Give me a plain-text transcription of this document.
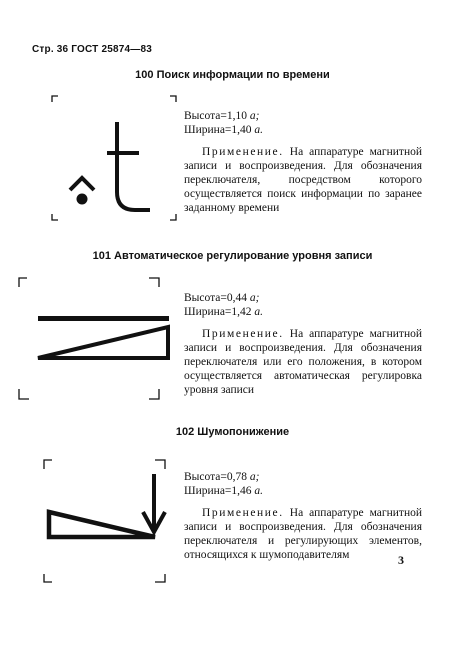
Стр. 36 ГОСТ 25874—83
100 Поиск информации по времени

Высота=1,10 а;

Ширина=1,40 а.

Применение. На аппаратуре магнитной записи и воспроизведения. Для обозначения переключателя, посредством которого осуществляется поиск информации по заранее заданному времени

101 Автоматическое регулирование уровня записи

Высота=0,44 а;

Ширина=1,42 а.

Применение. На аппаратуре магнитной записи и воспроизведения. Для обозначения переключателя или его положения, в котором осуществляется автоматическая регулировка уровня записи

102 Шумопонижение

Высота=0,78 а;

Ширина=1,46 а.

Применение. На аппаратуре магнитной записи и воспроизведения. Для обозначения переключателя и регулирующих элементов, относящихся к шумоподавителям	3
